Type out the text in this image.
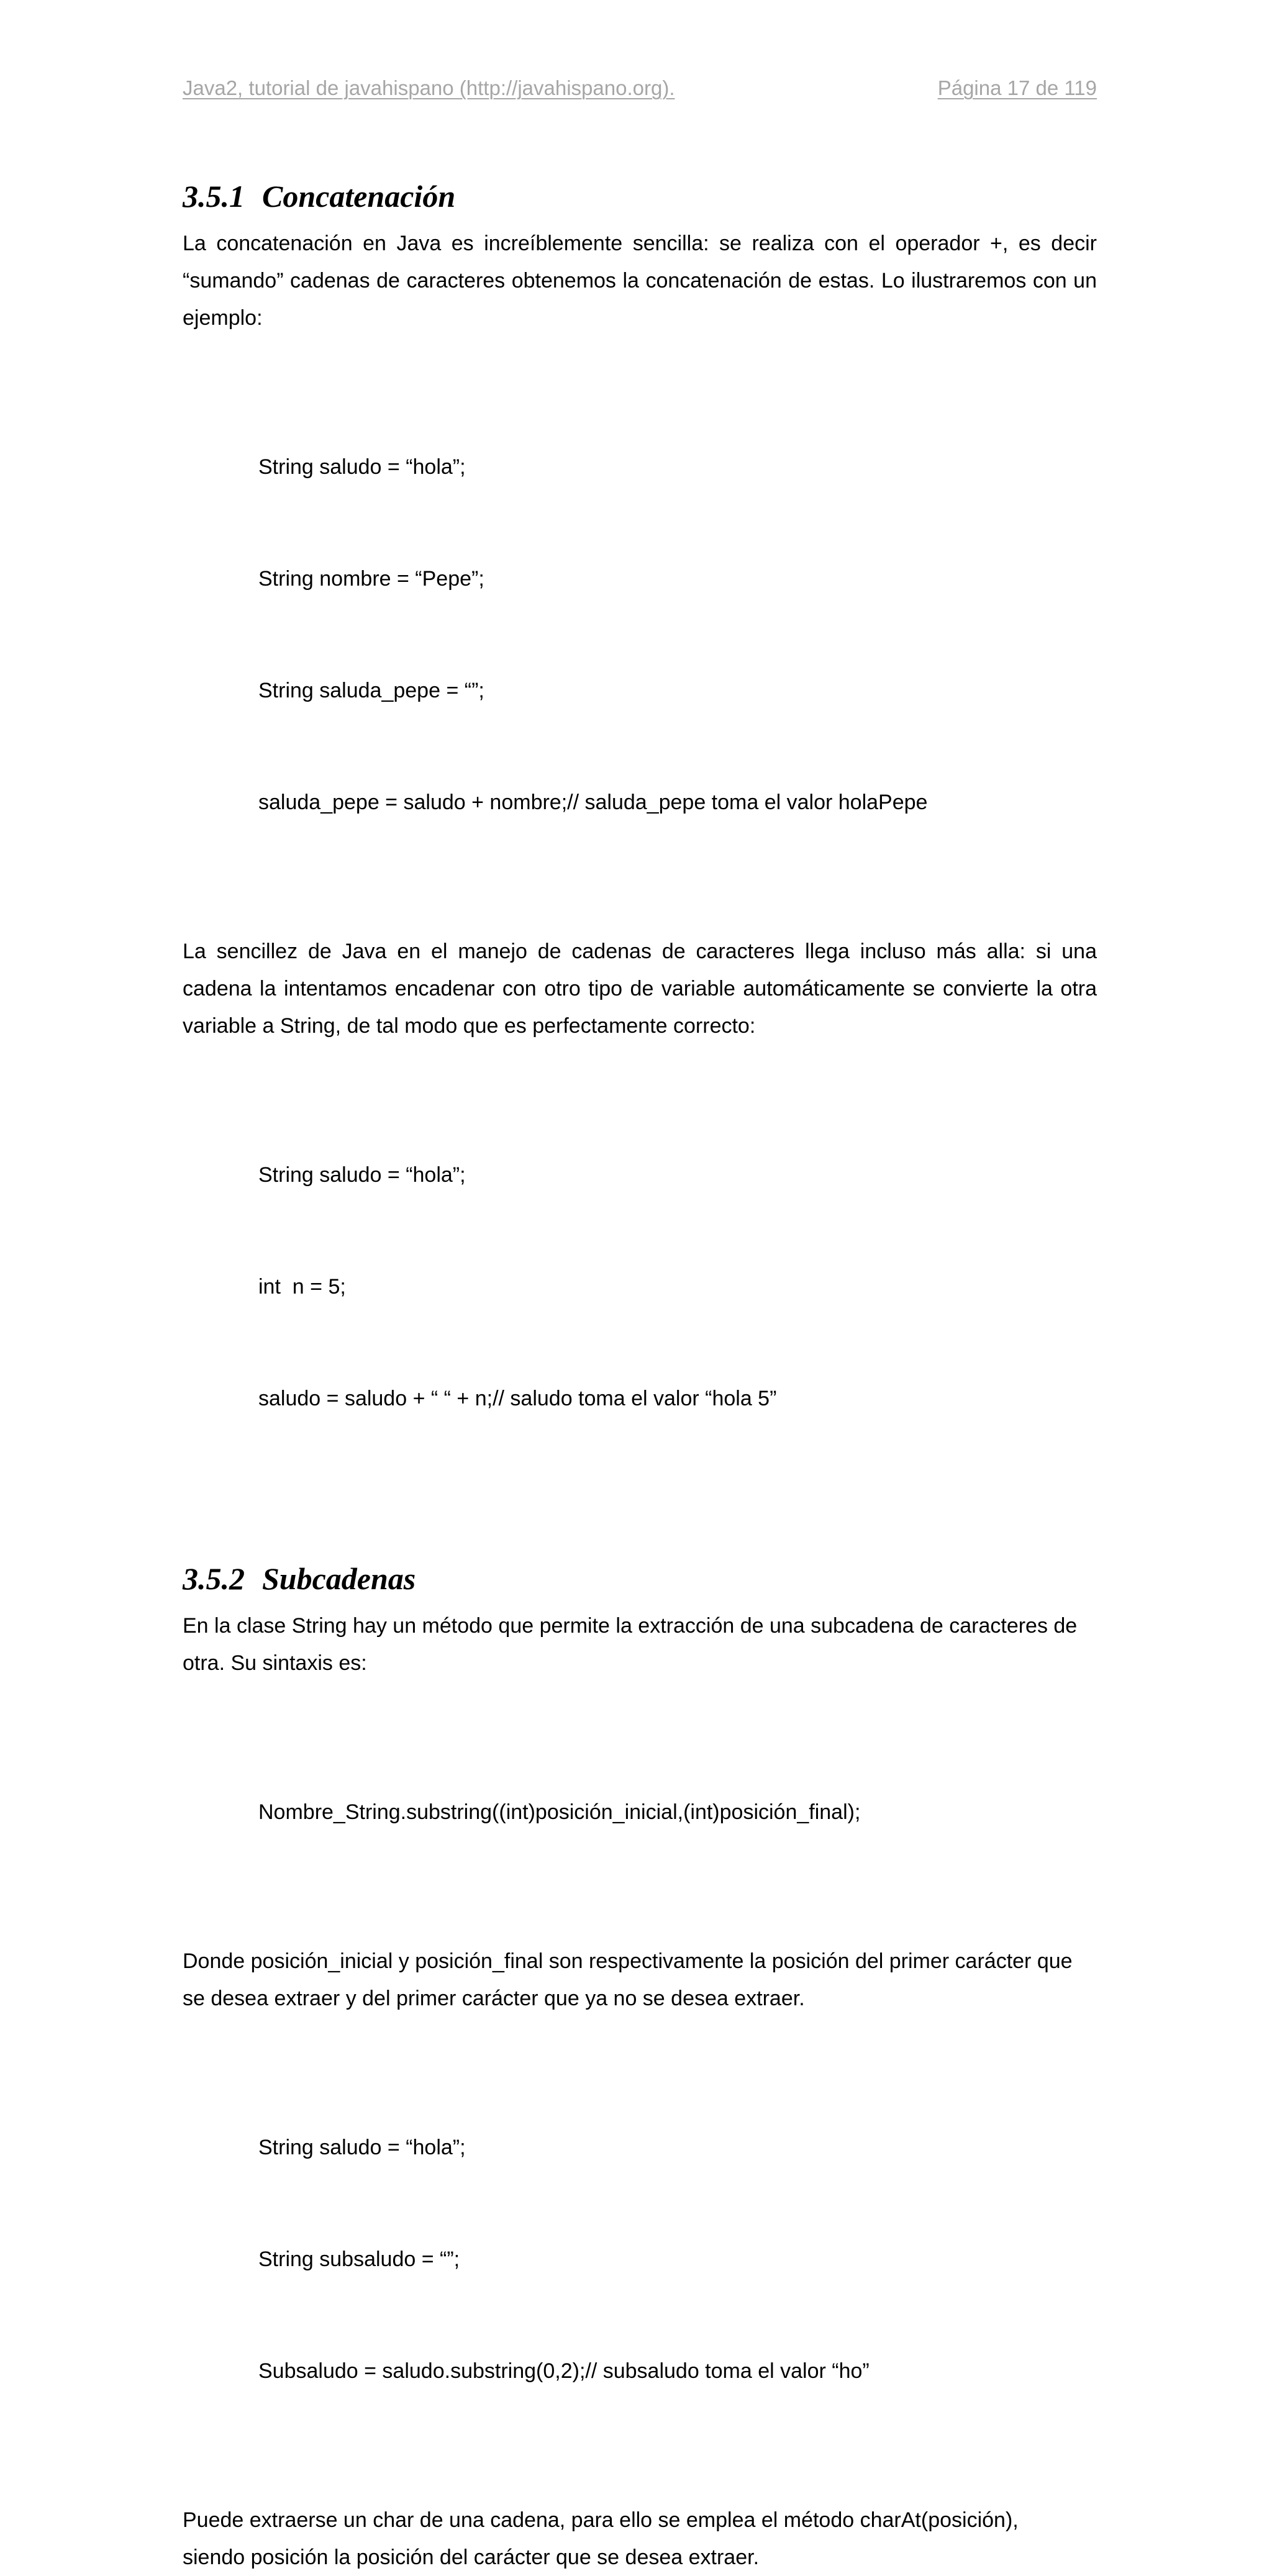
Java2, tutorial de javahispano (http://javahispano.org).	Página 17 de 119
3.5.1 Concatenación

La concatenación en Java es increíblemente sencilla: se realiza con el operador +, es decir “sumando” cadenas de caracteres obtenemos la concatenación de estas. Lo ilustraremos con un ejemplo:

String saludo = “hola”;

String nombre = “Pepe”;

String saluda_pepe = “”;

saluda_pepe = saludo + nombre;// saluda_pepe toma el valor holaPepe

La sencillez de Java en el manejo de cadenas de caracteres llega incluso más alla: si una cadena la intentamos encadenar con otro tipo de variable automáticamente se convierte la otra variable a String, de tal modo que es perfectamente correcto:

String saludo = “hola”;

int  n = 5;

saludo = saludo + “ “ + n;// saludo toma el valor “hola 5”

3.5.2 Subcadenas

En la clase String hay un método que permite la extracción de una subcadena de caracteres de otra. Su sintaxis es:

Nombre_String.substring((int)posición_inicial,(int)posición_final);

Donde posición_inicial y posición_final son respectivamente la posición del primer carácter que se desea extraer y del primer carácter que ya no se desea extraer.

String saludo = “hola”;

String subsaludo = “”;

Subsaludo = saludo.substring(0,2);// subsaludo toma el valor “ho”

Puede extraerse un char de una cadena, para ello se emplea el método charAt(posición),
siendo posición la posición del carácter que se desea extraer.
